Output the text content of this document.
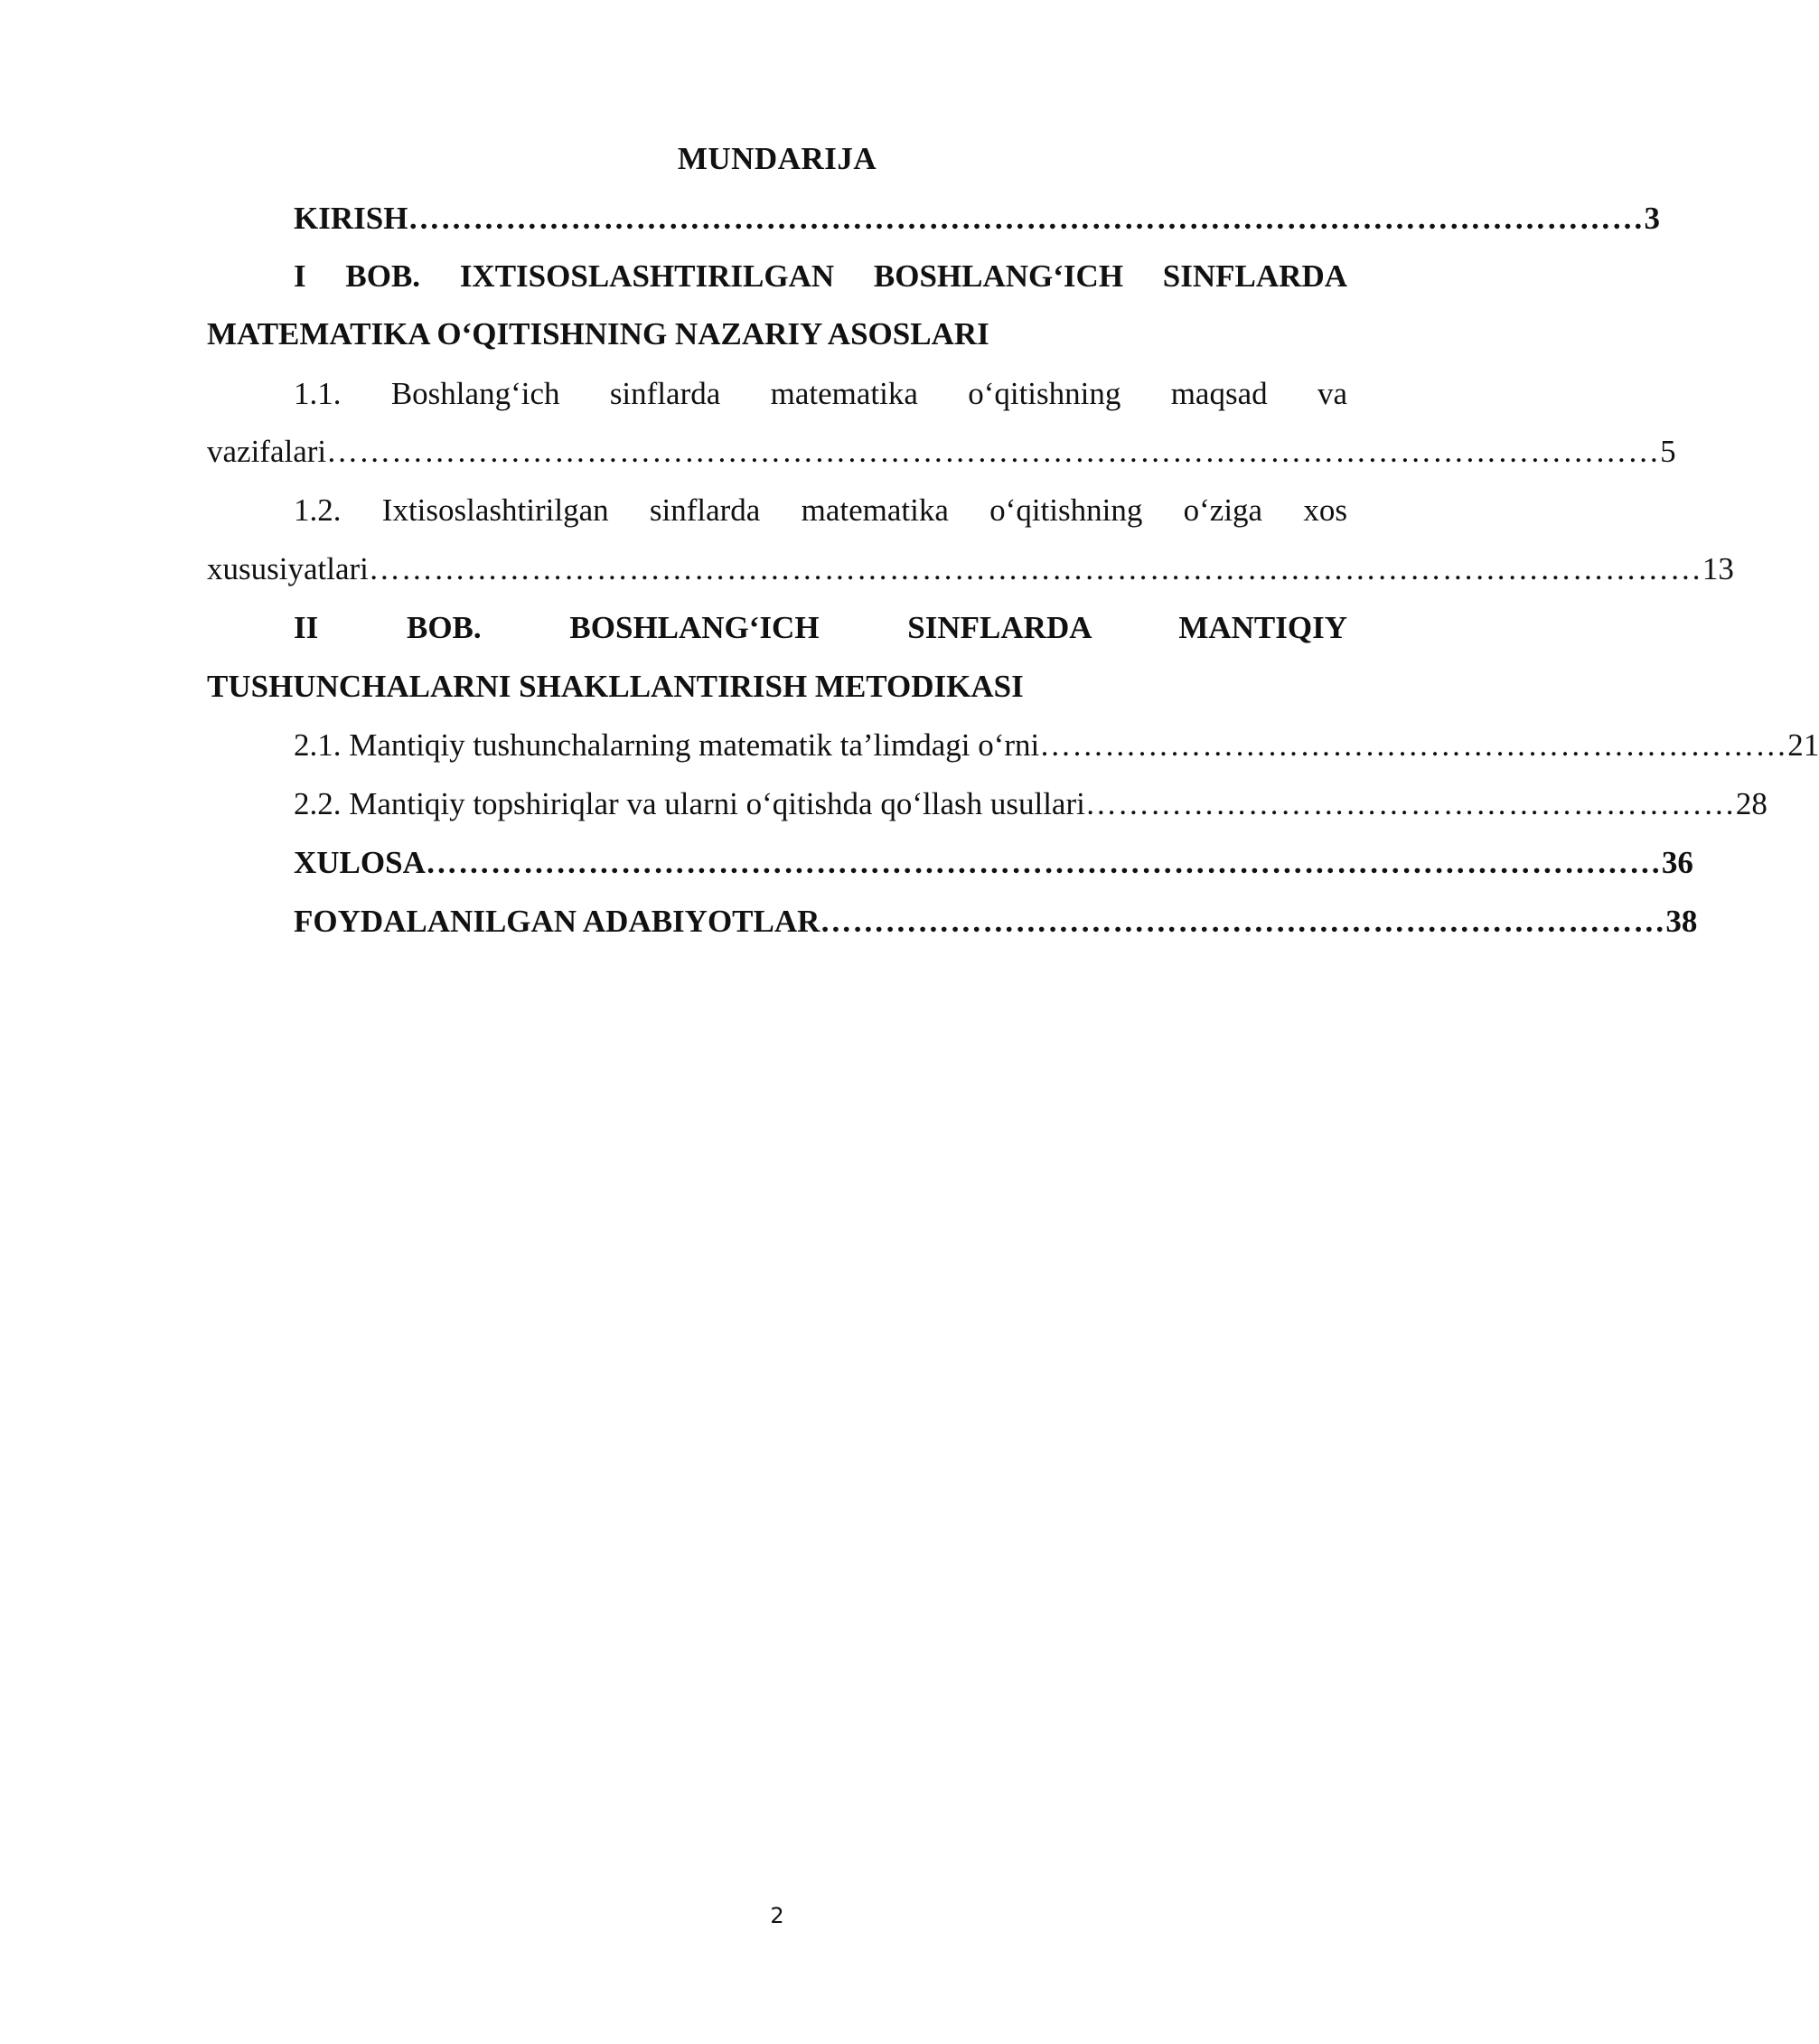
MUNDARIJA
KIRISH …………………………………………………………………………………………………… 3
I BOB. IXTISOSLASHTIRILGAN BOSHLANG‘ICH SINFLARDA
MATEMATIKA O‘QITISHNING NAZARIY ASOSLARI
1.1. Boshlang‘ich sinflarda matematika o‘qitishning maqsad va
vazifalari …………………………………………………………………………………………………………… 5
1.2. Ixtisoslashtirilgan sinflarda matematika o‘qitishning o‘ziga xos
xususiyatlari …………………………………………………………………………………………………………… 13
II BOB. BOSHLANG‘ICH SINFLARDA MANTIQIY
TUSHUNCHALARNI SHAKLLANTIRISH METODIKASI
2.1. Mantiqiy tushunchalarning matematik ta’limdagi o‘rni …………………………………………………………… 21
2.2. Mantiqiy topshiriqlar va ularni o‘qitishda qo‘llash usullari …………………………………………………… 28
XULOSA …………………………………………………………………………………………………… 36
FOYDALANILGAN ADABIYOTLAR …………………………………………………………………… 38
2
